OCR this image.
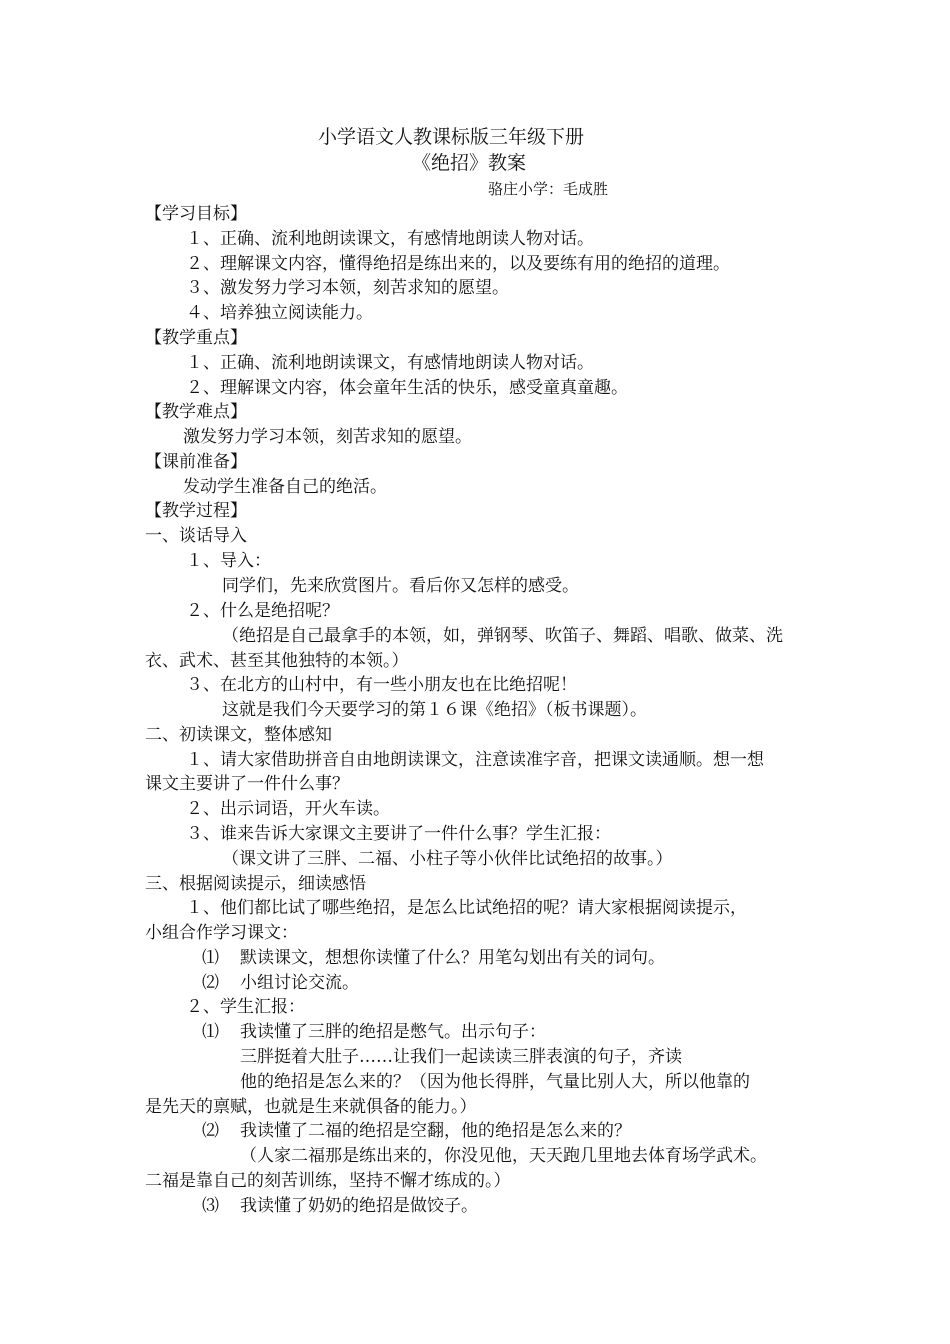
小学语文人教课标版三年级下册
《绝招》教案
骆庄小学：毛成胜
【学习目标】
１、正确、流利地朗读课文，有感情地朗读人物对话。
２、理解课文内容，懂得绝招是练出来的，以及要练有用的绝招的道理。
３、激发努力学习本领，刻苦求知的愿望。
４、培养独立阅读能力。
【教学重点】
１、正确、流利地朗读课文，有感情地朗读人物对话。
２、理解课文内容，体会童年生活的快乐，感受童真童趣。
【教学难点】
激发努力学习本领，刻苦求知的愿望。
【课前准备】
发动学生准备自己的绝活。
【教学过程】
一、谈话导入
１、导入：
同学们，先来欣赏图片。看后你又怎样的感受。
２、什么是绝招呢？
（绝招是自己最拿手的本领，如，弹钢琴、吹笛子、舞蹈、唱歌、做菜、洗
衣、武术、甚至其他独特的本领。）
３、在北方的山村中，有一些小朋友也在比绝招呢！
这就是我们今天要学习的第１６课《绝招》（板书课题）。
二、初读课文，整体感知
１、请大家借助拼音自由地朗读课文，注意读准字音，把课文读通顺。想一想
课文主要讲了一件什么事？
２、出示词语，开火车读。
３、谁来告诉大家课文主要讲了一件什么事？学生汇报：
（课文讲了三胖、二福、小柱子等小伙伴比试绝招的故事。）
三、根据阅读提示，细读感悟
１、他们都比试了哪些绝招，是怎么比试绝招的呢？请大家根据阅读提示，
小组合作学习课文：
⑴ 默读课文，想想你读懂了什么？用笔勾划出有关的词句。
⑵ 小组讨论交流。
２、学生汇报：
⑴ 我读懂了三胖的绝招是憋气。出示句子：
三胖挺着大肚子……让我们一起读读三胖表演的句子，齐读
他的绝招是怎么来的？（因为他长得胖，气量比别人大，所以他靠的
是先天的禀赋，也就是生来就俱备的能力。）
⑵ 我读懂了二福的绝招是空翻，他的绝招是怎么来的？
（人家二福那是练出来的，你没见他，天天跑几里地去体育场学武术。
二福是靠自己的刻苦训练，坚持不懈才练成的。）
⑶ 我读懂了奶奶的绝招是做饺子。
